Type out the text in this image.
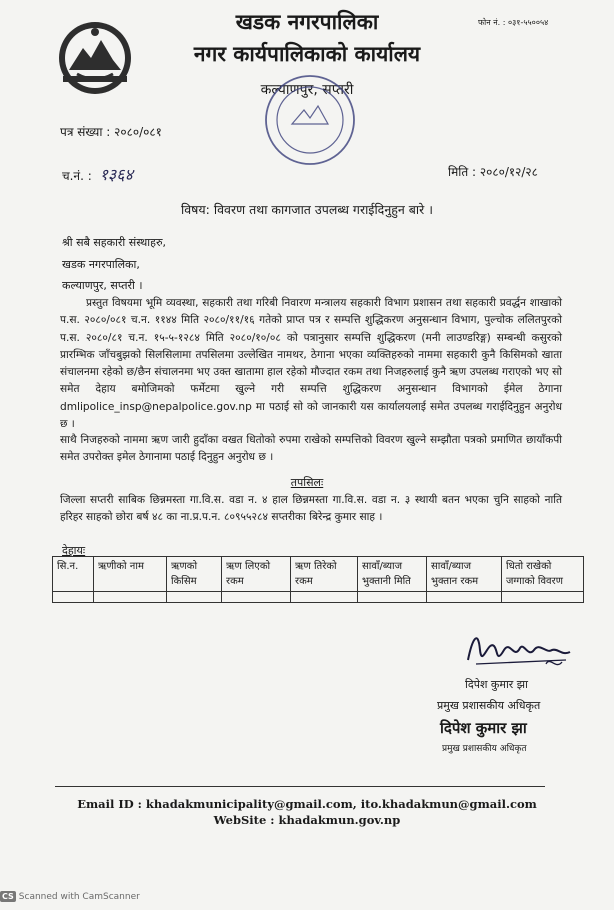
खडक नगरपालिका
नगर कार्यपालिकाको कार्यालय
कल्याणपुर, सप्तरी
फोन नं. : ०३१-५५००५४
पत्र संख्या : २०८०/०८१
च.नं. : १३६४	मिति : २०८०/१२/२८
विषय: विवरण तथा कागजात उपलब्ध गराईदिनुहुन बारे ।
श्री सबै सहकारी संस्थाहरु,
खडक नगरपालिका,
कल्याणपुर, सप्तरी ।
प्रस्तुत विषयमा भूमि व्यवस्था, सहकारी तथा गरिबी निवारण मन्त्रालय सहकारी विभाग प्रशासन तथा सहकारी प्रवर्द्धन शाखाको प.स. २०८०/०८१ च.न. ११४४ मिति २०८०/११/१६ गतेको प्राप्त पत्र र सम्पत्ति शुद्धिकरण अनुसन्धान विभाग, पुल्चोक ललितपुरको प.स. २०८०/८१ च.न. १५-५-१२८४ मिति २०८०/१०/०८ को पत्रानुसार सम्पत्ति शुद्धिकरण (मनी लाउण्डरिङ्ग) सम्बन्धी कसुरको प्रारम्भिक जाँचबुझको सिलसिलामा तपसिलमा उल्लेखित नामथर, ठेगाना भएका व्यक्तिहरुको नाममा सहकारी कुनै किसिमको खाता संचालनमा रहेको छ/छैन संचालनमा भए उक्त खातामा हाल रहेको मौज्दात रकम तथा निजहरुलाई कुनै ऋण उपलब्ध गराएको भए सो समेत देहाय बमोजिमको फर्मेटमा खुल्ने गरी सम्पत्ति शुद्धिकरण अनुसन्धान विभागको ईमेल ठेगाना dmlipolice_insp@nepalpolice.gov.np मा पठाई सो को जानकारी यस कार्यालयलाई समेत उपलब्ध गराईदिनुहुन अनुरोध छ ।
साथै निजहरुको नाममा ऋण जारी हुदाँका वखत धितोको रुपमा राखेको सम्पत्तिको विवरण खुल्ने सम्झौता पत्रको प्रमाणित छायाँकपी समेत उपरोक्त इमेल ठेगानामा पठाई दिनुहुन अनुरोध छ ।
तपसिलः
जिल्ला सप्तरी साबिक छिन्नमस्ता गा.वि.स. वडा न. ४ हाल छिन्नमस्ता गा.वि.स. वडा न. ३ स्थायी बतन भएका चुनि साहको नाति हरिहर साहको छोरा बर्ष ४८ का ना.प्र.प.न. ८०९५५२८४ सप्तरीका बिरेन्द्र कुमार साह ।
देहायः
सि.न.	ऋणीको नाम	ऋणको किसिम	ऋण लिएको रकम	ऋण तिरेको रकम	सावाँ/ब्याज भुक्तानी मिति	सावाँ/ब्याज भुक्तान रकम	धितो राखेको जग्गाको विवरण

दिपेश कुमार झा
प्रमुख प्रशासकीय अधिकृत
दिपेश कुमार झा
प्रमुख प्रशासकीय अधिकृत
Email ID : khadakmunicipality@gmail.com, ito.khadakmun@gmail.com
WebSite : khadakmun.gov.np
CS Scanned with CamScanner
